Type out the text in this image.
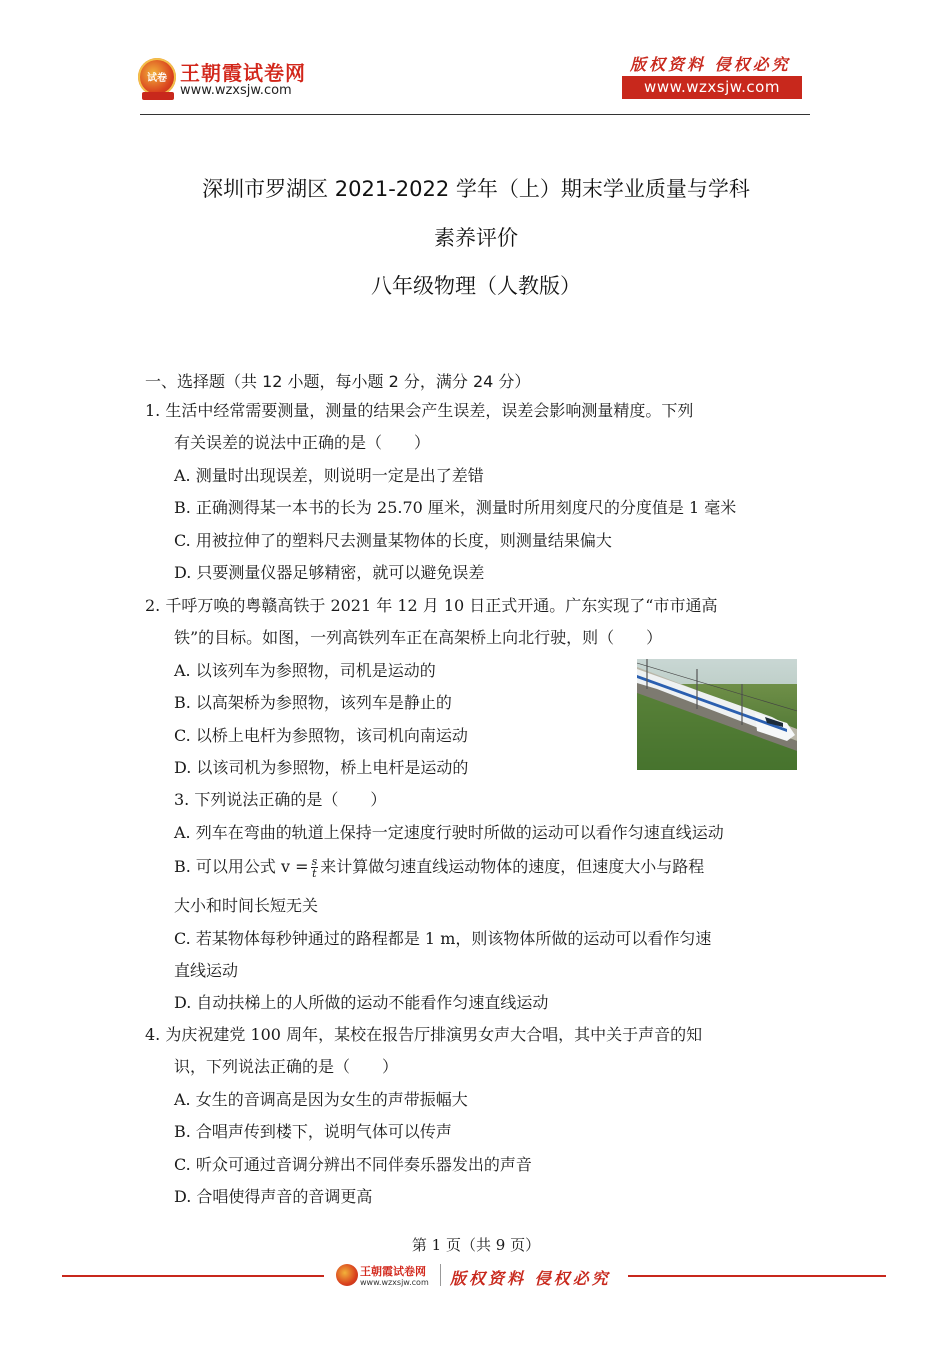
试卷 王朝霞试卷网
www.wzxsjw.com
版权资料 侵权必究
www.wzxsjw.com
深圳市罗湖区 2021-2022 学年（上）期末学业质量与学科
素养评价
八年级物理（人教版）
一、选择题（共 12 小题，每小题 2 分，满分 24 分）
1. 生活中经常需要测量，测量的结果会产生误差，误差会影响测量精度。下列
有关误差的说法中正确的是（　　）
A. 测量时出现误差，则说明一定是出了差错
B. 正确测得某一本书的长为 25.70 厘米，测量时所用刻度尺的分度值是 1 毫米
C. 用被拉伸了的塑料尺去测量某物体的长度，则测量结果偏大
D. 只要测量仪器足够精密，就可以避免误差
2. 千呼万唤的粤赣高铁于 2021 年 12 月 10 日正式开通。广东实现了“市市通高
铁”的目标。如图，一列高铁列车正在高架桥上向北行驶，则（　　）
A. 以该列车为参照物，司机是运动的
B. 以高架桥为参照物，该列车是静止的
C. 以桥上电杆为参照物，该司机向南运动
D. 以该司机为参照物，桥上电杆是运动的
3. 下列说法正确的是（　　）
A. 列车在弯曲的轨道上保持一定速度行驶时所做的运动可以看作匀速直线运动
B. 可以用公式 $v = \frac{s}{t}$ 来计算做匀速直线运动物体的速度，但速度大小与路程
大小和时间长短无关
C. 若某物体每秒钟通过的路程都是 1 m，则该物体所做的运动可以看作匀速
直线运动
D. 自动扶梯上的人所做的运动不能看作匀速直线运动
4. 为庆祝建党 100 周年，某校在报告厅排演男女声大合唱，其中关于声音的知
识，下列说法正确的是（　　）
A. 女生的音调高是因为女生的声带振幅大
B. 合唱声传到楼下，说明气体可以传声
C. 听众可通过音调分辨出不同伴奏乐器发出的声音
D. 合唱使得声音的音调更高
第 1 页（共 9 页）
王朝霞试卷网
www.wzxsjw.com 版权资料 侵权必究
